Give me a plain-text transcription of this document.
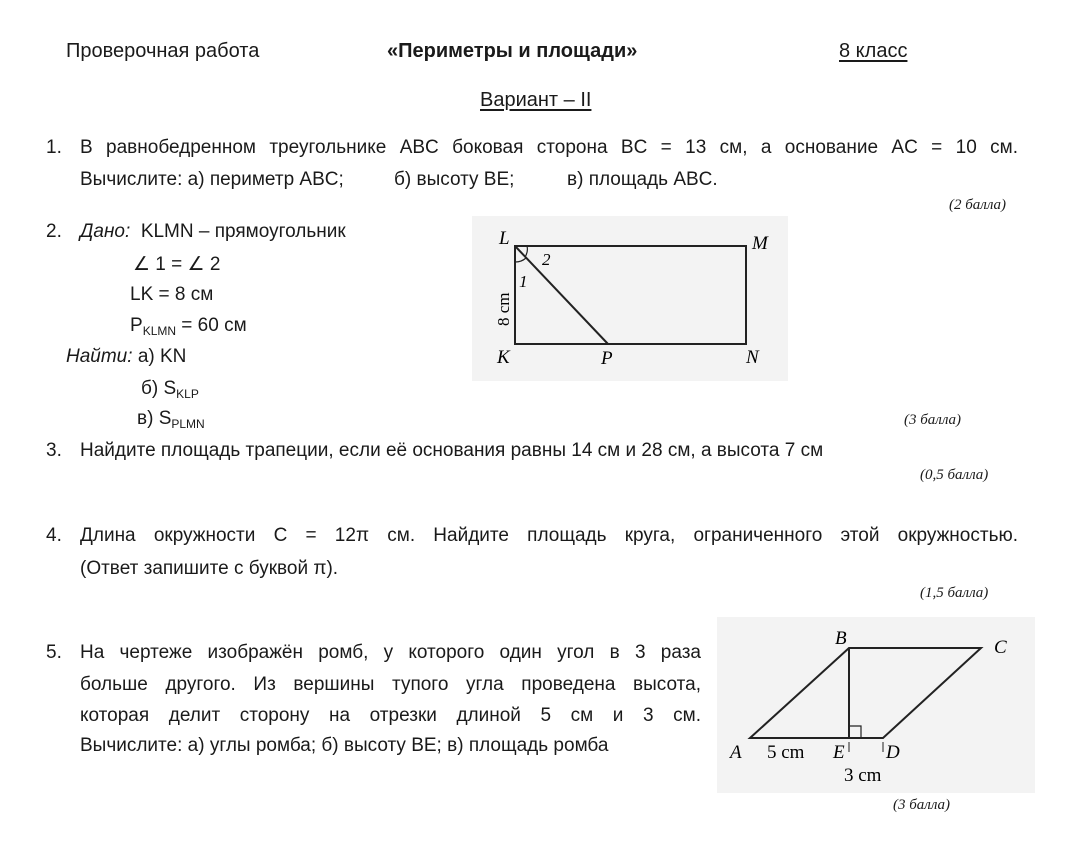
Проверочная работа	«Периметры и площади»	8 класс
Вариант – II
1. В равнобедренном треугольнике ABC боковая сторона BC = 13 см, а основание AC = 10 см.
Вычислите: а) периметр ABC;	б) высоту BE;	в) площадь ABC.
(2 балла)
2. Дано: KLMN – прямоугольник
∠ 1 = ∠ 2
LK = 8 см
$P_{KLMN} = 60$ см
Найти: а) KN
б) $S_{KLP}$
в) $S_{PLMN}$	(3 балла)
L	M
K	N
P
1
2
8 cm
3. Найдите площадь трапеции, если её основания равны 14 см и 28 см, а высота 7 см
(0,5 балла)
4. Длина окружности C = 12π см. Найдите площадь круга, ограниченного этой окружностью.
(Ответ запишите с буквой π).
(1,5 балла)
5. На чертеже изображён ромб, у которого один угол в 3 раза
больше другого. Из вершины тупого угла проведена высота,
которая делит сторону на отрезки длиной 5 см и 3 см.
Вычислите: а) углы ромба; б) высоту BE; в) площадь ромба
(3 балла)
A
B	C
D
E
5 cm
3 cm
